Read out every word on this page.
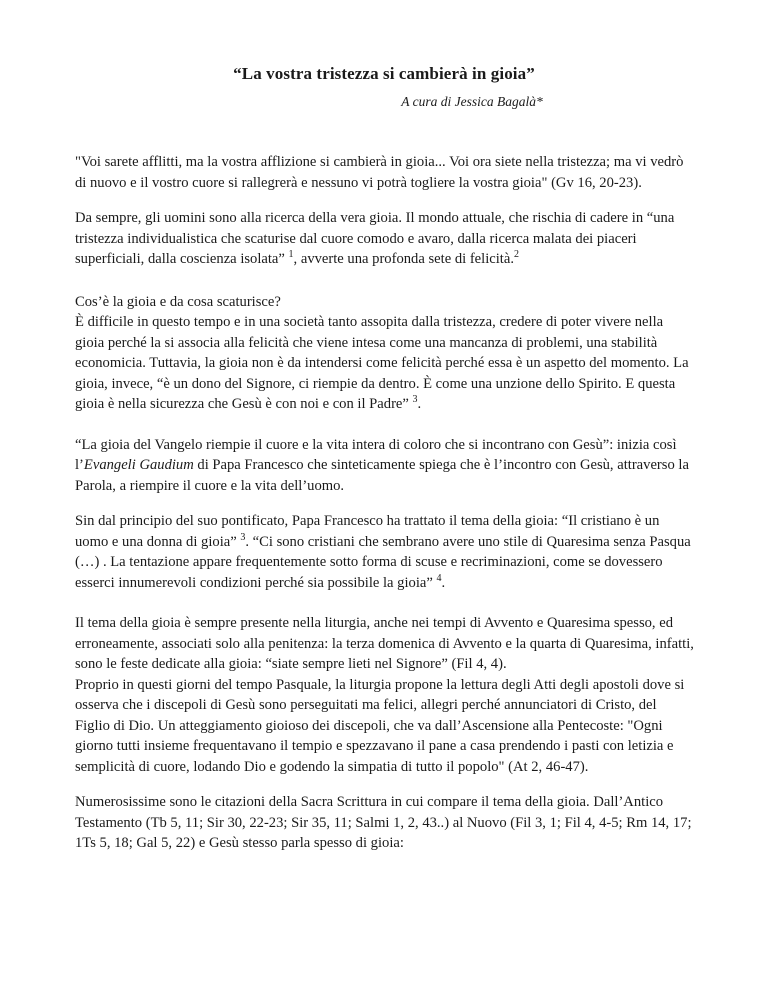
“La vostra tristezza si cambierà in gioia”
A cura di Jessica Bagalà*

"Voi sarete afflitti, ma la vostra afflizione si cambierà in gioia... Voi ora siete nella tristezza; ma vi vedrò di nuovo e il vostro cuore si rallegrerà e nessuno vi potrà togliere la vostra gioia" (Gv 16, 20-23).

Da sempre, gli uomini sono alla ricerca della vera gioia. Il mondo attuale, che rischia di cadere in “una tristezza individualistica che scaturise dal cuore comodo e avaro, dalla ricerca malata dei piaceri superficiali, dalla coscienza isolata” $^1$, avverte una profonda sete di felicità.$^2$

Cos’è la gioia e da cosa scaturisce?

È difficile in questo tempo e in una società tanto assopita dalla tristezza, credere di poter vivere nella gioia perché la si associa alla felicità che viene intesa come una mancanza di problemi, una stabilità economicia. Tuttavia, la gioia non è da intendersi come felicità perché essa è un aspetto del momento. La gioia, invece, “è un dono del Signore, ci riempie da dentro. È come una unzione dello Spirito. E questa gioia è nella sicurezza che Gesù è con noi e con il Padre” $^3$.

“La gioia del Vangelo riempie il cuore e la vita intera di coloro che si incontrano con Gesù”: inizia così l’Evangeli Gaudium di Papa Francesco che sinteticamente spiega che è l’incontro con Gesù, attraverso la Parola, a riempire il cuore e la vita dell’uomo.

Sin dal principio del suo pontificato, Papa Francesco ha trattato il tema della gioia: “Il cristiano è un uomo e una donna di gioia” $^3$. “Ci sono cristiani che sembrano avere uno stile di Quaresima senza Pasqua (…) . La tentazione appare frequentemente sotto forma di scuse e recriminazioni, come se dovessero esserci innumerevoli condizioni perché sia possibile la gioia” $^4$.

Il tema della gioia è sempre presente nella liturgia, anche nei tempi di Avvento e Quaresima spesso, ed erroneamente, associati solo alla penitenza: la terza domenica di Avvento e la quarta di Quaresima, infatti, sono le feste dedicate alla gioia: “siate sempre lieti nel Signore” (Fil 4, 4).

Proprio in questi giorni del tempo Pasquale, la liturgia propone la lettura degli Atti degli apostoli dove si osserva che i discepoli di Gesù sono perseguitati ma felici, allegri perché annunciatori di Cristo, del Figlio di Dio. Un atteggiamento gioioso dei discepoli, che va dall’Ascensione alla Pentecoste: "Ogni giorno tutti insieme frequentavano il tempio e spezzavano il pane a casa prendendo i pasti con letizia e semplicità di cuore, lodando Dio e godendo la simpatia di tutto il popolo" (At 2, 46-47).

Numerosissime sono le citazioni della Sacra Scrittura in cui compare il tema della gioia. Dall’Antico Testamento (Tb 5, 11; Sir 30, 22-23; Sir 35, 11; Salmi 1, 2, 43..) al Nuovo (Fil 3, 1; Fil 4, 4-5; Rm 14, 17; 1Ts 5, 18; Gal 5, 22) e Gesù stesso parla spesso di gioia:
